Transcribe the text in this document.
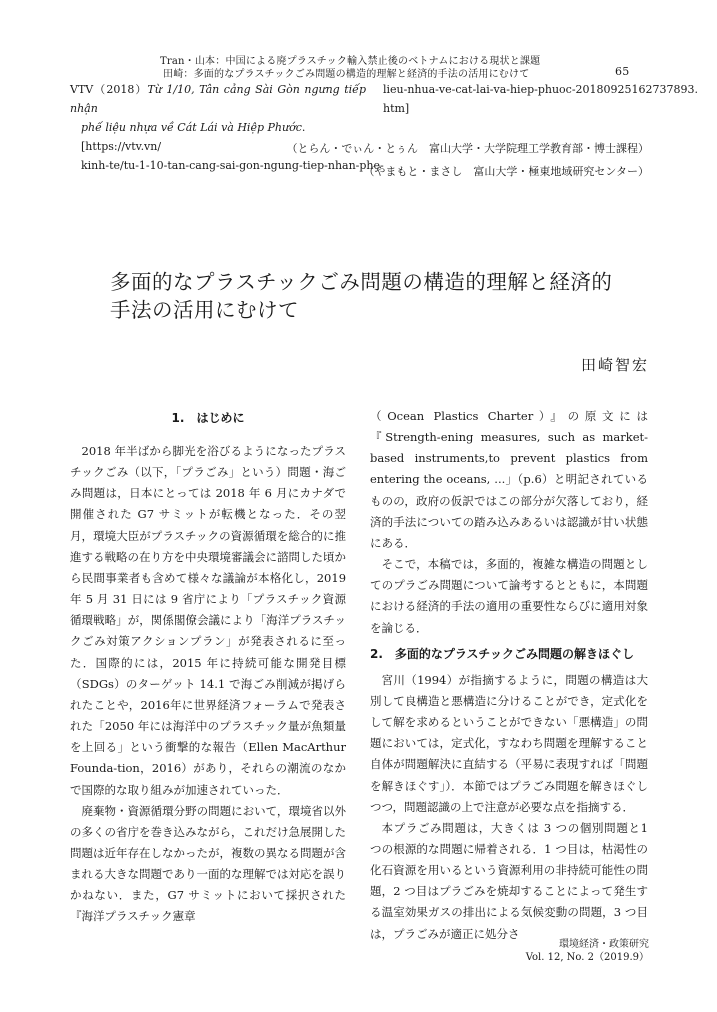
Tran・山本：中国による廃プラスチック輸入禁止後のベトナムにおける現状と課題
田崎：多面的なプラスチックごみ問題の構造的理解と経済的手法の活用にむけて	65
VTV（2018）Từ 1/10, Tân cảng Sài Gòn ngưng tiếp nhận
phế liệu nhựa về Cát Lái và Hiệp Phước. [https://vtv.vn/
kinh-te/tu-1-10-tan-cang-sai-gon-ngung-tiep-nhan-phe-
lieu-nhua-ve-cat-lai-va-hiep-phuoc-20180925162737893.
htm]
（とらん・でぃん・とぅん　富山大学・大学院理工学教育部・博士課程）
（やまもと・まさし　富山大学・極東地域研究センター）
多面的なプラスチックごみ問題の構造的理解と経済的
手法の活用にむけて
田崎智宏
1.　はじめに

2018 年半ばから脚光を浴びるようになったプラスチックごみ（以下，「プラごみ」という）問題・海ごみ問題は，日本にとっては 2018 年 6 月にカナダで開催された G7 サミットが転機となった．その翌月，環境大臣がプラスチックの資源循環を総合的に推進する戦略の在り方を中央環境審議会に諮問した頃から民間事業者も含めて様々な議論が本格化し，2019 年 5 月 31 日には 9 省庁により「プラスチック資源循環戦略」が，関係閣僚会議により「海洋プラスチックごみ対策アクションプラン」が発表されるに至った．国際的には，2015 年に持続可能な開発目標（SDGs）のターゲット 14.1 で海ごみ削減が掲げられたことや，2016年に世界経済フォーラムで発表された「2050 年には海洋中のプラスチック量が魚類量を上回る」という衝撃的な報告（Ellen MacArthur Founda-tion，2016）があり，それらの潮流のなかで国際的な取り組みが加速されていった．

廃棄物・資源循環分野の問題において，環境省以外の多くの省庁を巻き込みながら，これだけ急展開した問題は近年存在しなかったが，複数の異なる問題が含まれる大きな問題であり一面的な理解では対応を誤りかねない．また，G7 サミットにおいて採択された『海洋プラスチック憲章

（Ocean Plastics Charter）』の原文には『Strength-ening measures, such as market-based instruments,to prevent plastics from entering the oceans, ...」（p.6）と明記されているものの，政府の仮訳ではこの部分が欠落しており，経済的手法についての踏み込みあるいは認識が甘い状態にある．

そこで，本稿では，多面的，複雑な構造の問題としてのプラごみ問題について論考するとともに，本問題における経済的手法の適用の重要性ならびに適用対象を論じる．

2.　多面的なプラスチックごみ問題の解きほぐし

宮川（1994）が指摘するように，問題の構造は大別して良構造と悪構造に分けることができ，定式化をして解を求めるということができない「悪構造」の問題においては，定式化，すなわち問題を理解すること自体が問題解決に直結する（平易に表現すれば「問題を解きほぐす」）．本節ではプラごみ問題を解きほぐしつつ，問題認識の上で注意が必要な点を指摘する．

本プラごみ問題は，大きくは 3 つの個別問題と1 つの根源的な問題に帰着される．1 つ目は，枯渇性の化石資源を用いるという資源利用の非持続可能性の問題，2 つ目はプラごみを焼却することによって発生する温室効果ガスの排出による気候変動の問題，3 つ目は，プラごみが適正に処分さ

環境経済・政策研究
Vol. 12, No. 2（2019.9）
